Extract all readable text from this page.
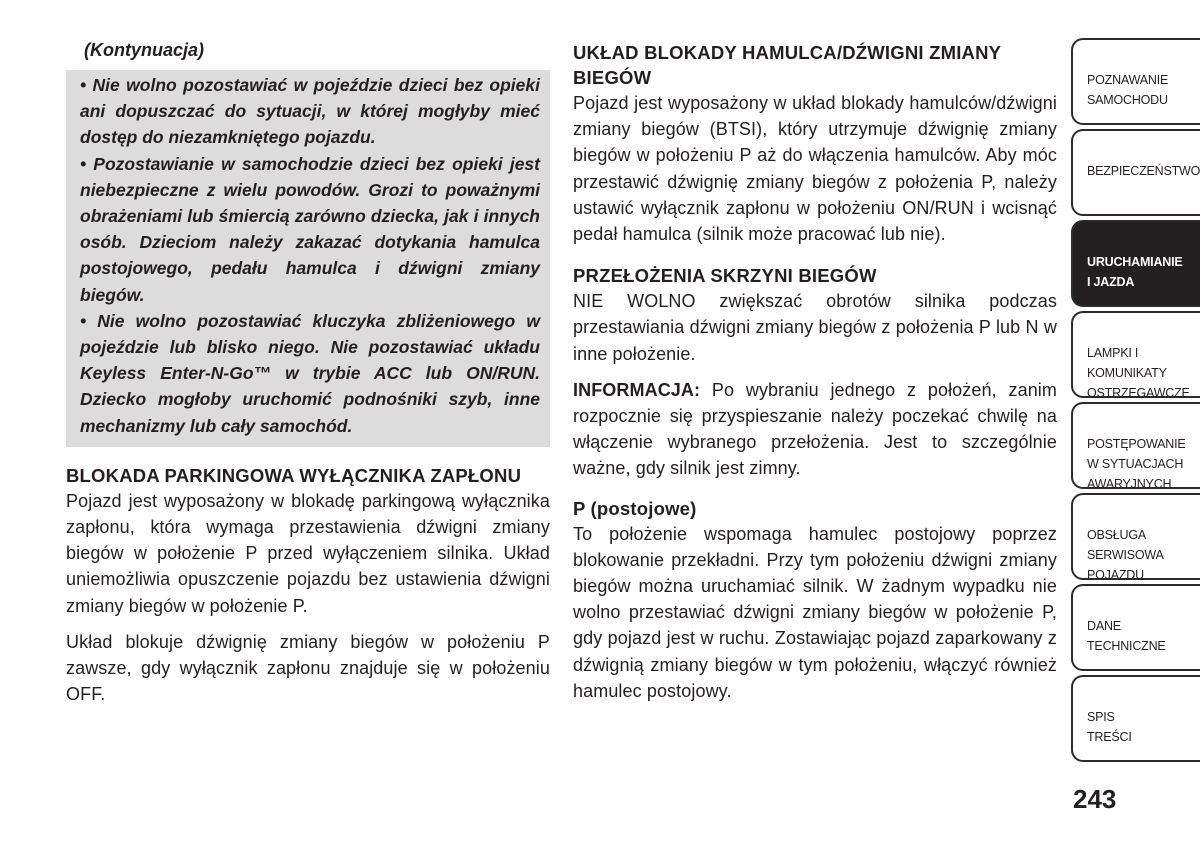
(Kontynuacja)

• Nie wolno pozostawiać w pojeździe dzieci bez opieki ani dopuszczać do sytuacji, w której mogłyby mieć dostęp do niezamkniętego pojazdu.

• Pozostawianie w samochodzie dzieci bez opieki jest niebezpieczne z wielu powodów. Grozi to poważnymi obrażeniami lub śmiercią zarówno dziecka, jak i innych osób. Dzieciom należy zakazać dotykania hamulca postojowego, pedału hamulca i dźwigni zmiany biegów.

• Nie wolno pozostawiać kluczyka zbliżeniowego w pojeździe lub blisko niego. Nie pozostawiać układu Keyless Enter-N-Go™ w trybie ACC lub ON/RUN. Dziecko mogłoby uruchomić podnośniki szyb, inne mechanizmy lub cały samochód.

BLOKADA PARKINGOWA WYŁĄCZNIKA ZAPŁONU

Pojazd jest wyposażony w blokadę parkingową wyłącznika zapłonu, która wymaga przestawienia dźwigni zmiany biegów w położenie P przed wyłączeniem silnika. Układ uniemożliwia opuszczenie pojazdu bez ustawienia dźwigni zmiany biegów w położenie P.

Układ blokuje dźwignię zmiany biegów w położeniu P zawsze, gdy wyłącznik zapłonu znajduje się w położeniu OFF.

UKŁAD BLOKADY HAMULCA/DŹWIGNI ZMIANY BIEGÓW

Pojazd jest wyposażony w układ blokady hamulców/dźwigni zmiany biegów (BTSI), który utrzymuje dźwignię zmiany biegów w położeniu P aż do włączenia hamulców. Aby móc przestawić dźwignię zmiany biegów z położenia P, należy ustawić wyłącznik zapłonu w położeniu ON/RUN i wcisnąć pedał hamulca (silnik może pracować lub nie).

PRZEŁOŻENIA SKRZYNI BIEGÓW

NIE WOLNO zwiększać obrotów silnika podczas przestawiania dźwigni zmiany biegów z położenia P lub N w inne położenie.

INFORMACJA: Po wybraniu jednego z położeń, zanim rozpocznie się przyspieszanie należy poczekać chwilę na włączenie wybranego przełożenia. Jest to szczególnie ważne, gdy silnik jest zimny.

P (postojowe)

To położenie wspomaga hamulec postojowy poprzez blokowanie przekładni. Przy tym położeniu dźwigni zmiany biegów można uruchamiać silnik. W żadnym wypadku nie wolno przestawiać dźwigni zmiany biegów w położenie P, gdy pojazd jest w ruchu. Zostawiając pojazd zaparkowany z dźwignią zmiany biegów w tym położeniu, włączyć również hamulec postojowy.

POZNAWANIE
SAMOCHODU
BEZPIECZEŃSTWO
URUCHAMIANIE
I JAZDA
LAMPKI I
KOMUNIKATY
OSTRZEGAWCZE
POSTĘPOWANIE
W SYTUACJACH
AWARYJNYCH
OBSŁUGA
SERWISOWA
POJAZDU
DANE
TECHNICZNE
SPIS
TREŚCI
243
